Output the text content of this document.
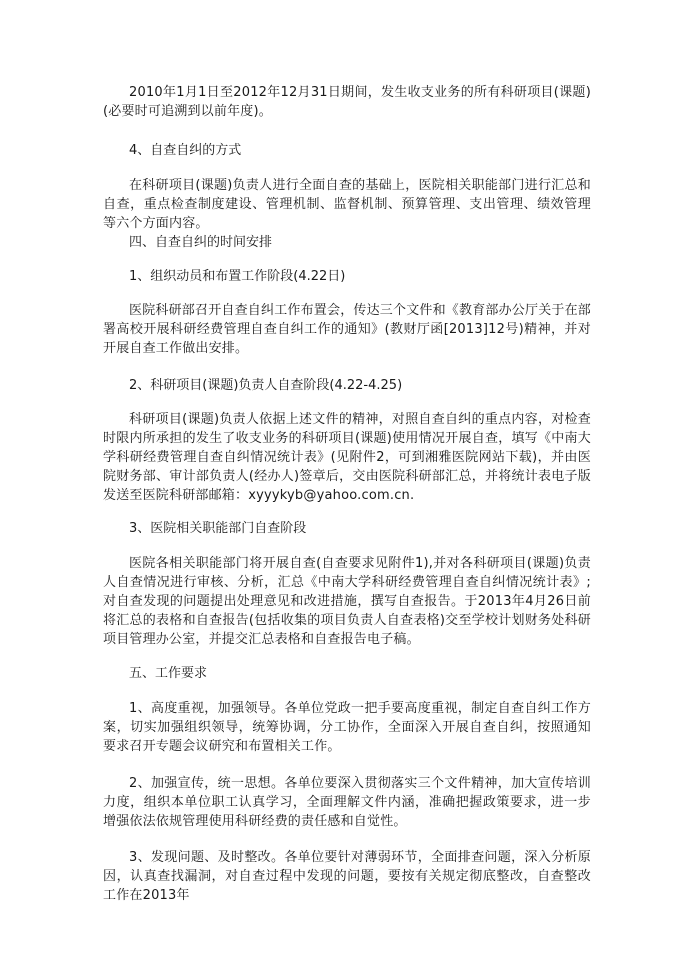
2010年1月1日至2012年12月31日期间，发生收支业务的所有科研项目(课题)(必要时可追溯到以前年度)。

4、自查自纠的方式

在科研项目(课题)负责人进行全面自查的基础上，医院相关职能部门进行汇总和自查，重点检查制度建设、管理机制、监督机制、预算管理、支出管理、绩效管理等六个方面内容。

四、自查自纠的时间安排

1、组织动员和布置工作阶段(4.22日)

医院科研部召开自查自纠工作布置会，传达三个文件和《教育部办公厅关于在部署高校开展科研经费管理自查自纠工作的通知》(教财厅函[2013]12号)精神，并对开展自查工作做出安排。

2、科研项目(课题)负责人自查阶段(4.22-4.25)

科研项目(课题)负责人依据上述文件的精神，对照自查自纠的重点内容，对检查时限内所承担的发生了收支业务的科研项目(课题)使用情况开展自查，填写《中南大学科研经费管理自查自纠情况统计表》(见附件2，可到湘雅医院网站下载)，并由医院财务部、审计部负责人(经办人)签章后，交由医院科研部汇总，并将统计表电子版发送至医院科研部邮箱：xyyykyb@yahoo.com.cn.

3、医院相关职能部门自查阶段

医院各相关职能部门将开展自查(自查要求见附件1),并对各科研项目(课题)负责人自查情况进行审核、分析，汇总《中南大学科研经费管理自查自纠情况统计表》;对自查发现的问题提出处理意见和改进措施，撰写自查报告。于2013年4月26日前将汇总的表格和自查报告(包括收集的项目负责人自查表格)交至学校计划财务处科研项目管理办公室，并提交汇总表格和自查报告电子稿。

五、工作要求

1、高度重视，加强领导。各单位党政一把手要高度重视，制定自查自纠工作方案，切实加强组织领导，统筹协调，分工协作，全面深入开展自查自纠，按照通知要求召开专题会议研究和布置相关工作。

2、加强宣传，统一思想。各单位要深入贯彻落实三个文件精神，加大宣传培训力度，组织本单位职工认真学习，全面理解文件内涵，准确把握政策要求，进一步增强依法依规管理使用科研经费的责任感和自觉性。

3、发现问题、及时整改。各单位要针对薄弱环节，全面排查问题，深入分析原因，认真查找漏洞，对自查过程中发现的问题，要按有关规定彻底整改，自查整改工作在2013年
